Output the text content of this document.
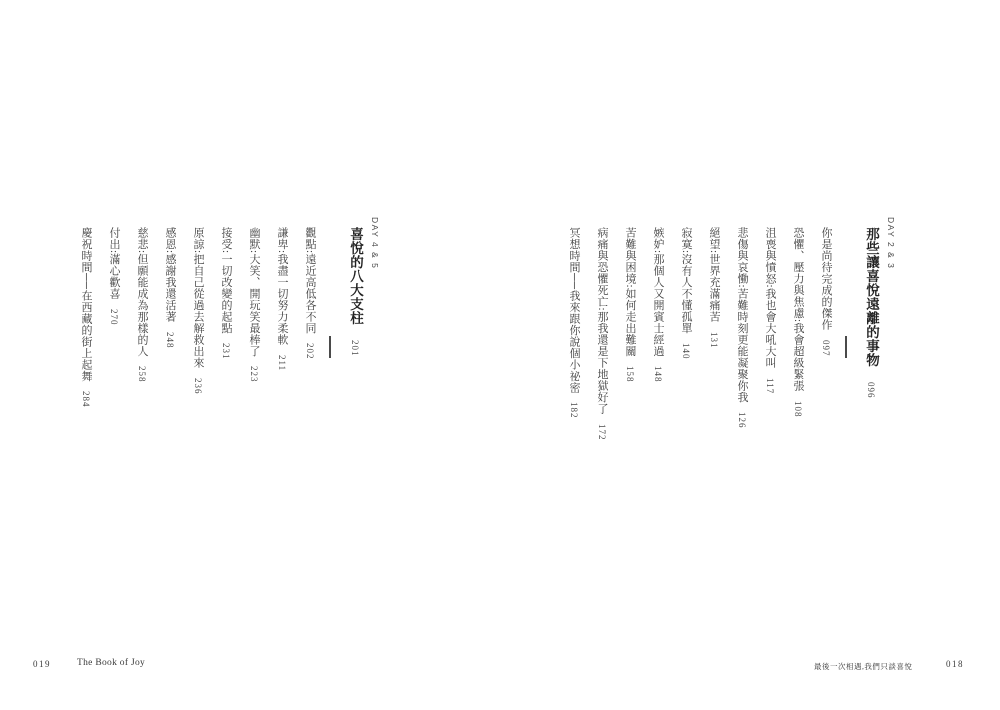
DAY 2 & 3
那些讓喜悅遠離的事物 096
你是尚待完成的傑作097
恐懼、壓力與焦慮:我會超級緊張108
沮喪與憤怒:我也會大吼大叫117
悲傷與哀慟:苦難時刻更能凝聚你我126
絕望:世界充滿痛苦131
寂寞:沒有人不懂孤單140
嫉妒:那個人又開賓士經過148
苦難與困境:如何走出難關158
病痛與恐懼死亡:那我還是下地獄好了172
冥想時間──我來跟你說個小祕密182
DAY 4 & 5
喜悅的八大支柱 201
觀點:遠近高低各不同202
謙卑:我盡一切努力柔軟211
幽默:大笑、開玩笑最棒了223
接受:一切改變的起點231
原諒:把自己從過去解救出來236
感恩:感謝我還活著248
慈悲:但願能成為那樣的人258
付出:滿心歡喜270
慶祝時間──在西藏的街上起舞284
019	The Book of Joy	最後一次相遇,我們只談喜悅	018
